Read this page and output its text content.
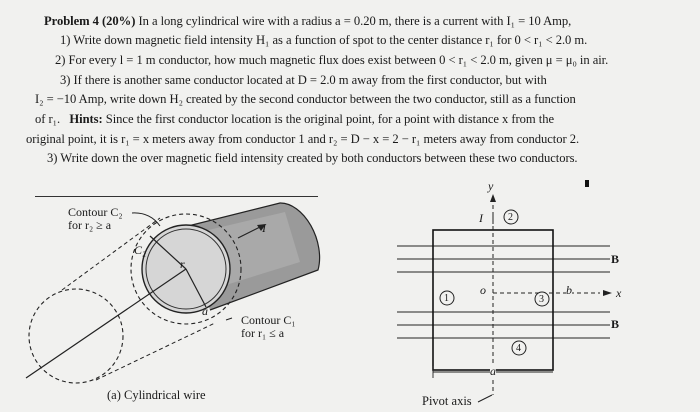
Problem 4 (20%) In a long cylindrical wire with a radius a = 0.20 m, there is a current with I₁ = 10 Amp,
1) Write down magnetic field intensity H₁ as a function of spot to the center distance r₁ for 0 < r₁ < 2.0 m.
2) For every l = 1 m conductor, how much magnetic flux does exist between 0 < r₁ < 2.0 m, given μ = μ₀ in air.
3) If there is another same conductor located at D = 2.0 m away from the first conductor, but with
I₂ = −10 Amp, write down H₂ created by the second conductor between the two conductor, still as a function
of r₁. Hints: Since the first conductor location is the original point, for a point with distance x from the
original point, it is r₁ = x meters away from conductor 1 and r₂ = D − x = 2 − r₁ meters away from conductor 2.
3) Write down the over magnetic field intensity created by both conductors between these two conductors.
Contour C₂
for r₂ ≥ a
C₂
r
a
I
Contour C₁
for r₁ ≤ a
(a) Cylindrical wire
y
I
1
2
3
4
o	b	x
B
B
a
Pivot axis
